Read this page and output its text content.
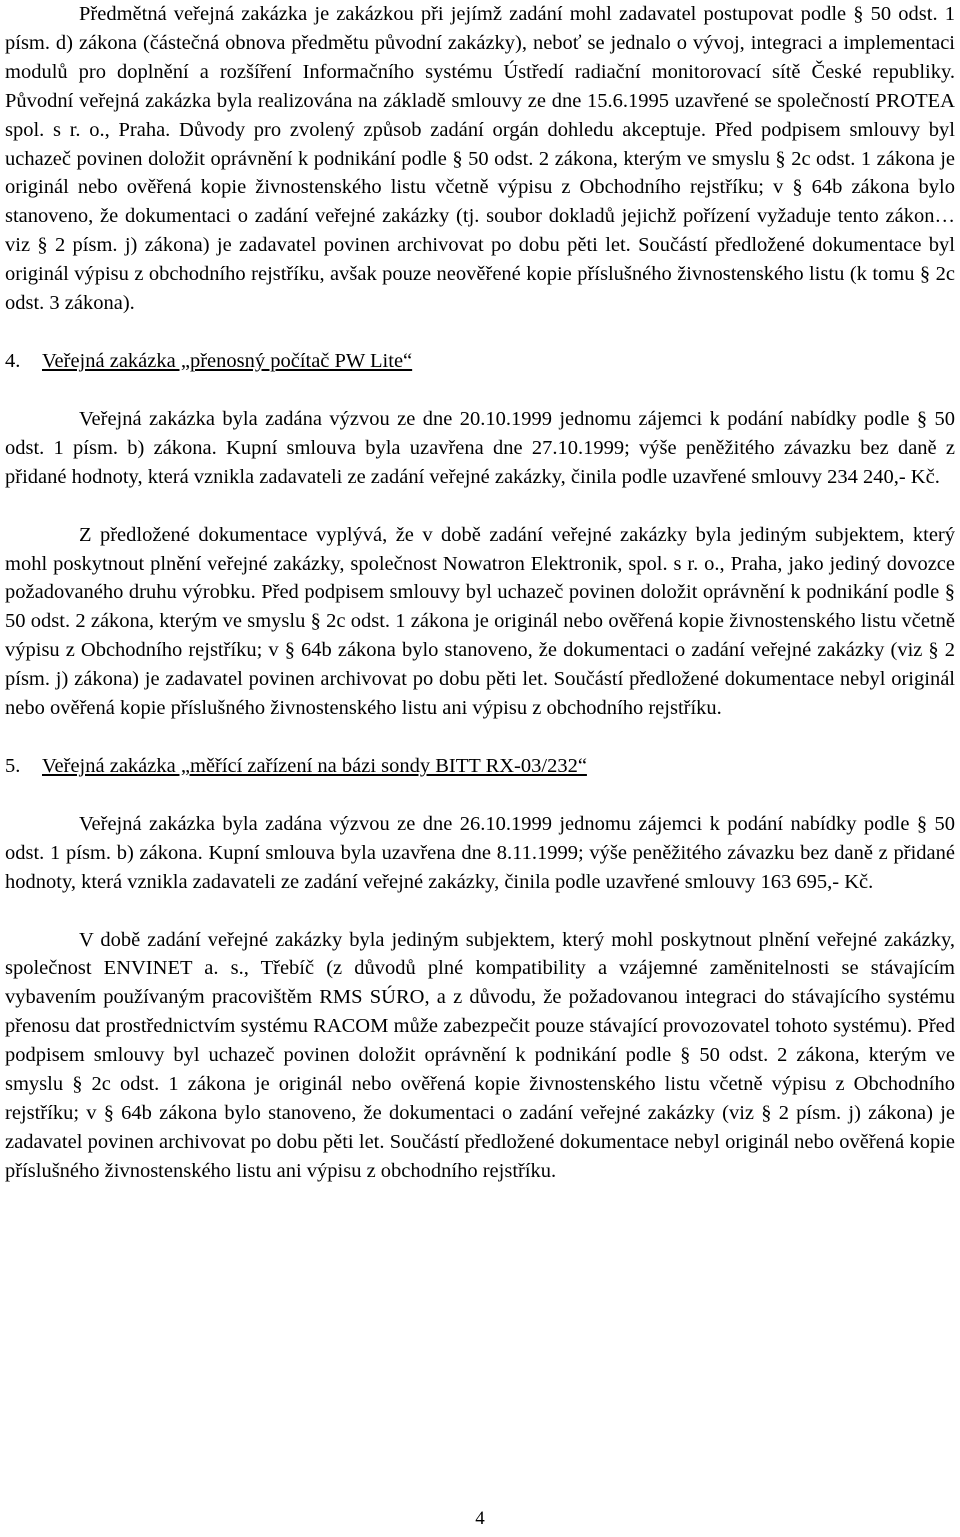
Předmětná veřejná zakázka je zakázkou při jejímž zadání mohl zadavatel postupovat podle § 50 odst. 1 písm. d) zákona (částečná obnova předmětu původní zakázky), neboť se jednalo o vývoj, integraci a implementaci modulů pro doplnění a rozšíření Informačního systému Ústředí radiační monitorovací sítě České republiky. Původní veřejná zakázka byla realizována na základě smlouvy ze dne 15.6.1995 uzavřené se společností PROTEA spol. s r. o., Praha. Důvody pro zvolený způsob zadání orgán dohledu akceptuje. Před podpisem smlouvy byl uchazeč povinen doložit oprávnění k podnikání podle § 50 odst. 2 zákona, kterým ve smyslu § 2c odst. 1 zákona je originál nebo ověřená kopie živnostenského listu včetně výpisu z Obchodního rejstříku; v § 64b zákona bylo stanoveno, že dokumentaci o zadání veřejné zakázky (tj. soubor dokladů jejichž pořízení vyžaduje tento zákon… viz § 2 písm. j) zákona) je zadavatel povinen archivovat po dobu pěti let. Součástí předložené dokumentace byl originál výpisu z obchodního rejstříku, avšak pouze neověřené kopie příslušného živnostenského listu (k tomu § 2c odst. 3 zákona).

4.	Veřejná zakázka „přenosný počítač PW Lite“

Veřejná zakázka byla zadána výzvou ze dne 20.10.1999 jednomu zájemci k podání nabídky podle § 50 odst. 1 písm. b) zákona. Kupní smlouva byla uzavřena dne 27.10.1999; výše peněžitého závazku bez daně z přidané hodnoty, která vznikla zadavateli ze zadání veřejné zakázky, činila podle uzavřené smlouvy 234 240,- Kč.

Z předložené dokumentace vyplývá, že v době zadání veřejné zakázky byla jediným subjektem, který mohl poskytnout plnění veřejné zakázky, společnost Nowatron Elektronik, spol. s r. o., Praha, jako jediný dovozce požadovaného druhu výrobku. Před podpisem smlouvy byl uchazeč povinen doložit oprávnění k podnikání podle § 50 odst. 2 zákona, kterým ve smyslu § 2c odst. 1 zákona je originál nebo ověřená kopie živnostenského listu včetně výpisu z Obchodního rejstříku; v § 64b zákona bylo stanoveno, že dokumentaci o zadání veřejné zakázky (viz § 2 písm. j) zákona) je zadavatel povinen archivovat po dobu pěti let. Součástí předložené dokumentace nebyl originál nebo ověřená kopie příslušného živnostenského listu ani výpisu z obchodního rejstříku.

5.	Veřejná zakázka „měřící zařízení na bázi sondy BITT RX-03/232“

Veřejná zakázka byla zadána výzvou ze dne 26.10.1999 jednomu zájemci k podání nabídky podle § 50 odst. 1 písm. b) zákona. Kupní smlouva byla uzavřena dne 8.11.1999; výše peněžitého závazku bez daně z přidané hodnoty, která vznikla zadavateli ze zadání veřejné zakázky, činila podle uzavřené smlouvy 163 695,- Kč.

V době zadání veřejné zakázky byla jediným subjektem, který mohl poskytnout plnění veřejné zakázky, společnost ENVINET a. s., Třebíč (z důvodů plné kompatibility a vzájemné zaměnitelnosti se stávajícím vybavením používaným pracovištěm RMS SÚRO, a z důvodu, že požadovanou integraci do stávajícího systému přenosu dat prostřednictvím systému RACOM může zabezpečit pouze stávající provozovatel tohoto systému). Před podpisem smlouvy byl uchazeč povinen doložit oprávnění k podnikání podle § 50 odst. 2 zákona, kterým ve smyslu § 2c odst. 1 zákona je originál nebo ověřená kopie živnostenského listu včetně výpisu z Obchodního rejstříku; v § 64b zákona bylo stanoveno, že dokumentaci o zadání veřejné zakázky (viz § 2 písm. j) zákona) je zadavatel povinen archivovat po dobu pěti let. Součástí předložené dokumentace nebyl originál nebo ověřená kopie příslušného živnostenského listu ani výpisu z obchodního rejstříku.

4
